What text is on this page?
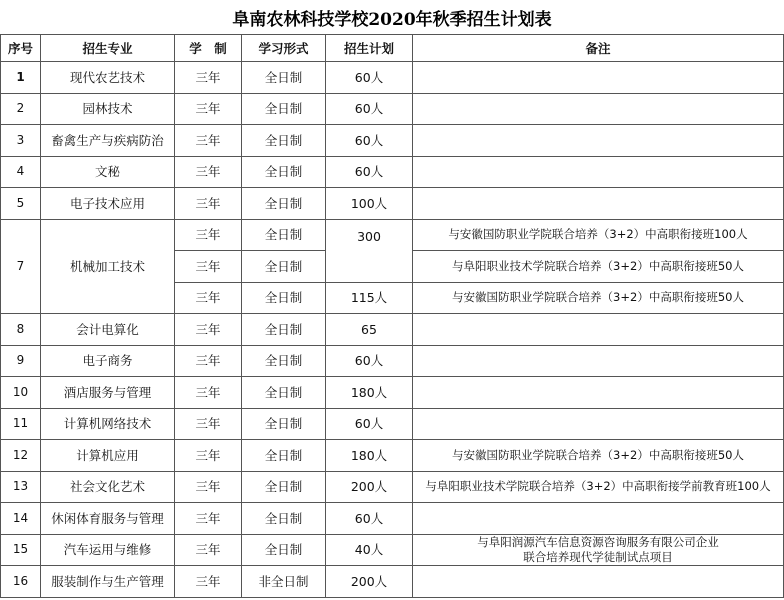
阜南农林科技学校2020年秋季招生计划表
序号	招生专业	学　制	学习形式	招生计划	备注
1	现代农艺技术	三年	全日制	60人	
2	园林技术	三年	全日制	60人	
3	畜禽生产与疾病防治	三年	全日制	60人	
4	文秘	三年	全日制	60人	
5	电子技术应用	三年	全日制	100人	
7	机械加工技术	三年	全日制	300	与安徽国防职业学院联合培养（3+2）中高职衔接班100人
		三年	全日制		与阜阳职业技术学院联合培养（3+2）中高职衔接班50人
		三年	全日制	115人	与安徽国防职业学院联合培养（3+2）中高职衔接班50人
8	会计电算化	三年	全日制	65	
9	电子商务	三年	全日制	60人	
10	酒店服务与管理	三年	全日制	180人	
11	计算机网络技术	三年	全日制	60人	
12	计算机应用	三年	全日制	180人	与安徽国防职业学院联合培养（3+2）中高职衔接班50人
13	社会文化艺术	三年	全日制	200人	与阜阳职业技术学院联合培养（3+2）中高职衔接学前教育班100人
14	休闲体育服务与管理	三年	全日制	60人	
15	汽车运用与维修	三年	全日制	40人	与阜阳润源汽车信息资源咨询服务有限公司企业
联合培养现代学徒制试点项目

16	服装制作与生产管理	三年	非全日制	200人	
